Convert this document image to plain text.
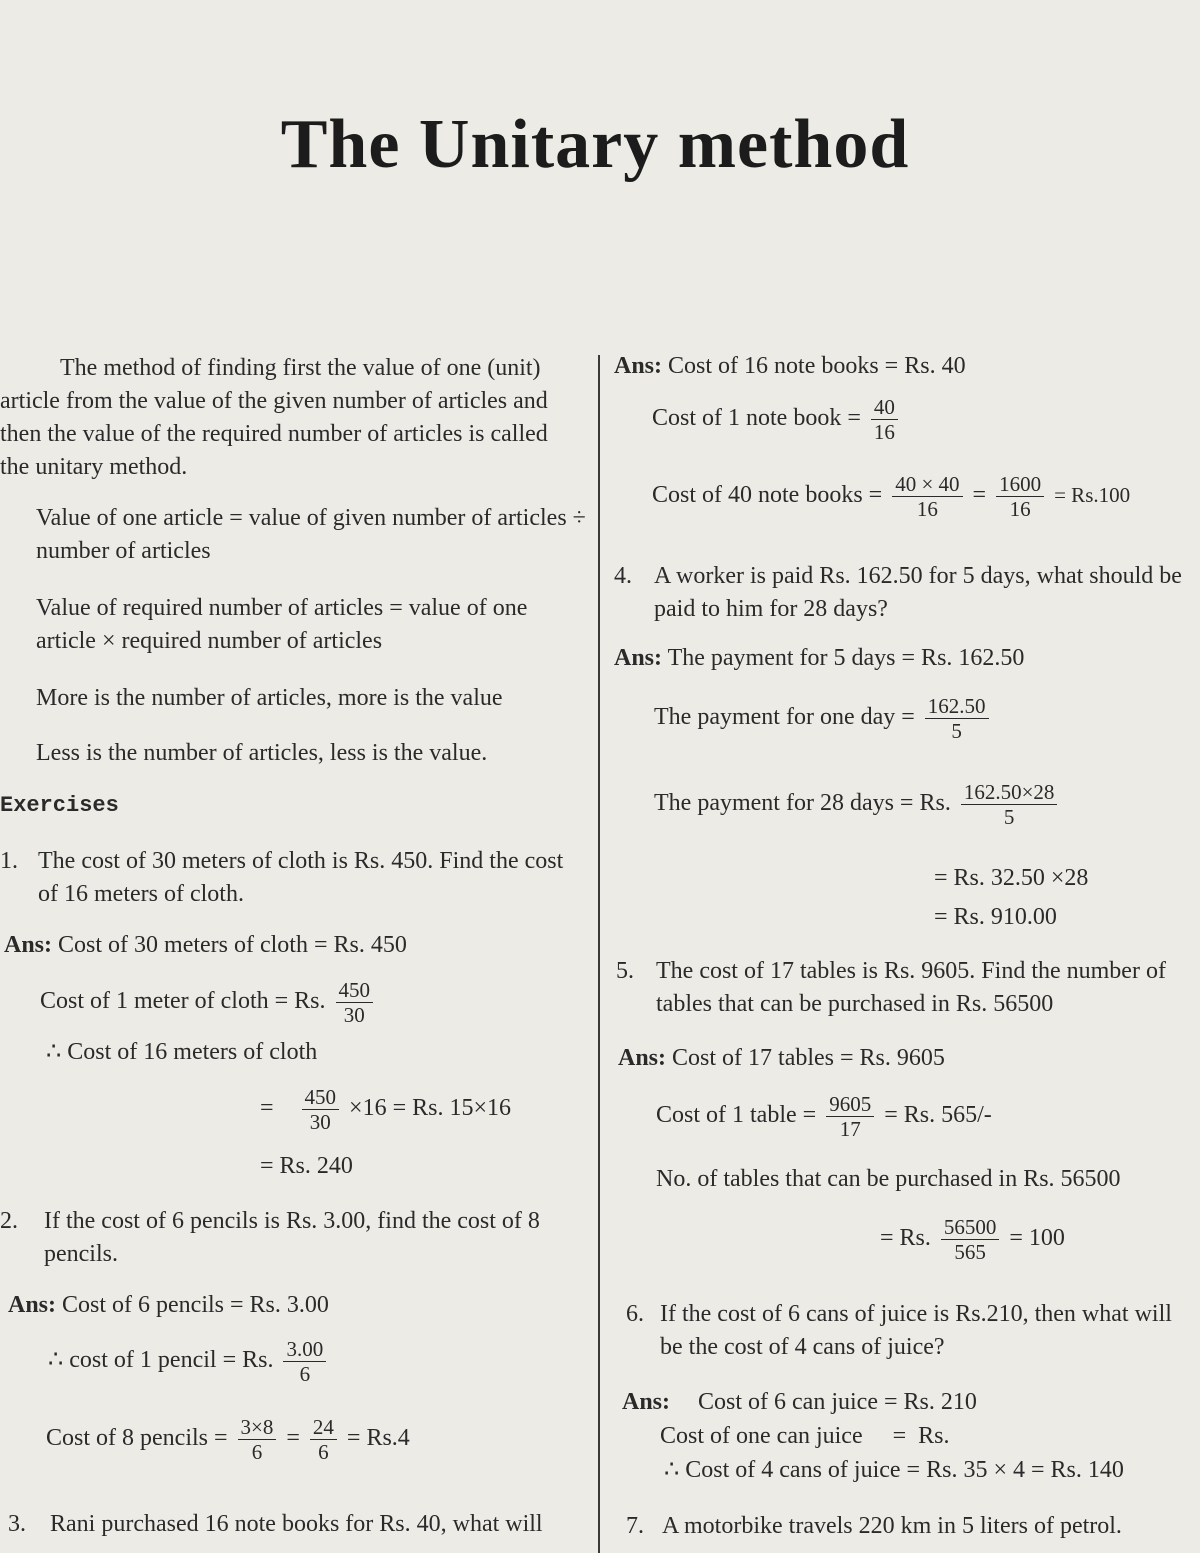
The Unitary method

The method of finding first the value of one (unit) article from the value of the given number of articles and then the value of the required number of articles is called the unitary method.

Value of one article = value of given number of articles ÷ number of articles

Value of required number of articles = value of one article × required number of articles

More is the number of articles, more is the value

Less is the number of articles, less is the value.

Exercises

1. The cost of 30 meters of cloth is Rs. 450. Find the cost of 16 meters of cloth.

Ans: Cost of 30 meters of cloth = Rs. 450

Cost of 1 meter of cloth = Rs. $\frac{450}{30}$

∴ Cost of 16 meters of cloth

= $\frac{450}{30} \times 16 = Rs$. 15×16

= Rs. 240

2. If the cost of 6 pencils is Rs. 3.00, find the cost of 8 pencils.

Ans: Cost of 6 pencils = Rs. 3.00

∴ cost of 1 pencil = Rs. $\frac{3.00}{6}$
Cost of 8 pencils = $\frac{3\times 8}{6} = \frac{24}{6} = Rs.4$
3. Rani purchased 16 note books for Rs. 40, what will

Ans: Cost of 16 note books = Rs. 40

Cost of 1 note book = $\frac{40}{16}$
Cost of 40 note books = $\frac{40 \times 40}{16} = \frac{1600}{16} = Rs.100$
4. A worker is paid Rs. 162.50 for 5 days, what should be paid to him for 28 days?

Ans: The payment for 5 days = Rs. 162.50

The payment for one day = $\frac{162.50}{5}$
The payment for 28 days = Rs. $\frac{162.50\times 28}{5}$

= Rs. 32.50 ×28

= Rs. 910.00

5. The cost of 17 tables is Rs. 9605. Find the number of tables that can be purchased in Rs. 56500

Ans: Cost of 17 tables = Rs. 9605

Cost of 1 table = $\frac{9605}{17} = Rs$. 565/-

No. of tables that can be purchased in Rs. 56500

= Rs. $\frac{56500}{565} = 100$
6. If the cost of 6 cans of juice is Rs.210, then what will be the cost of 4 cans of juice?

Ans: Cost of 6 can juice = Rs. 210

Cost of one can juice     =  Rs.

∴ Cost of 4 cans of juice = Rs. 35 × 4 = Rs. 140

7. A motorbike travels 220 km in 5 liters of petrol.
